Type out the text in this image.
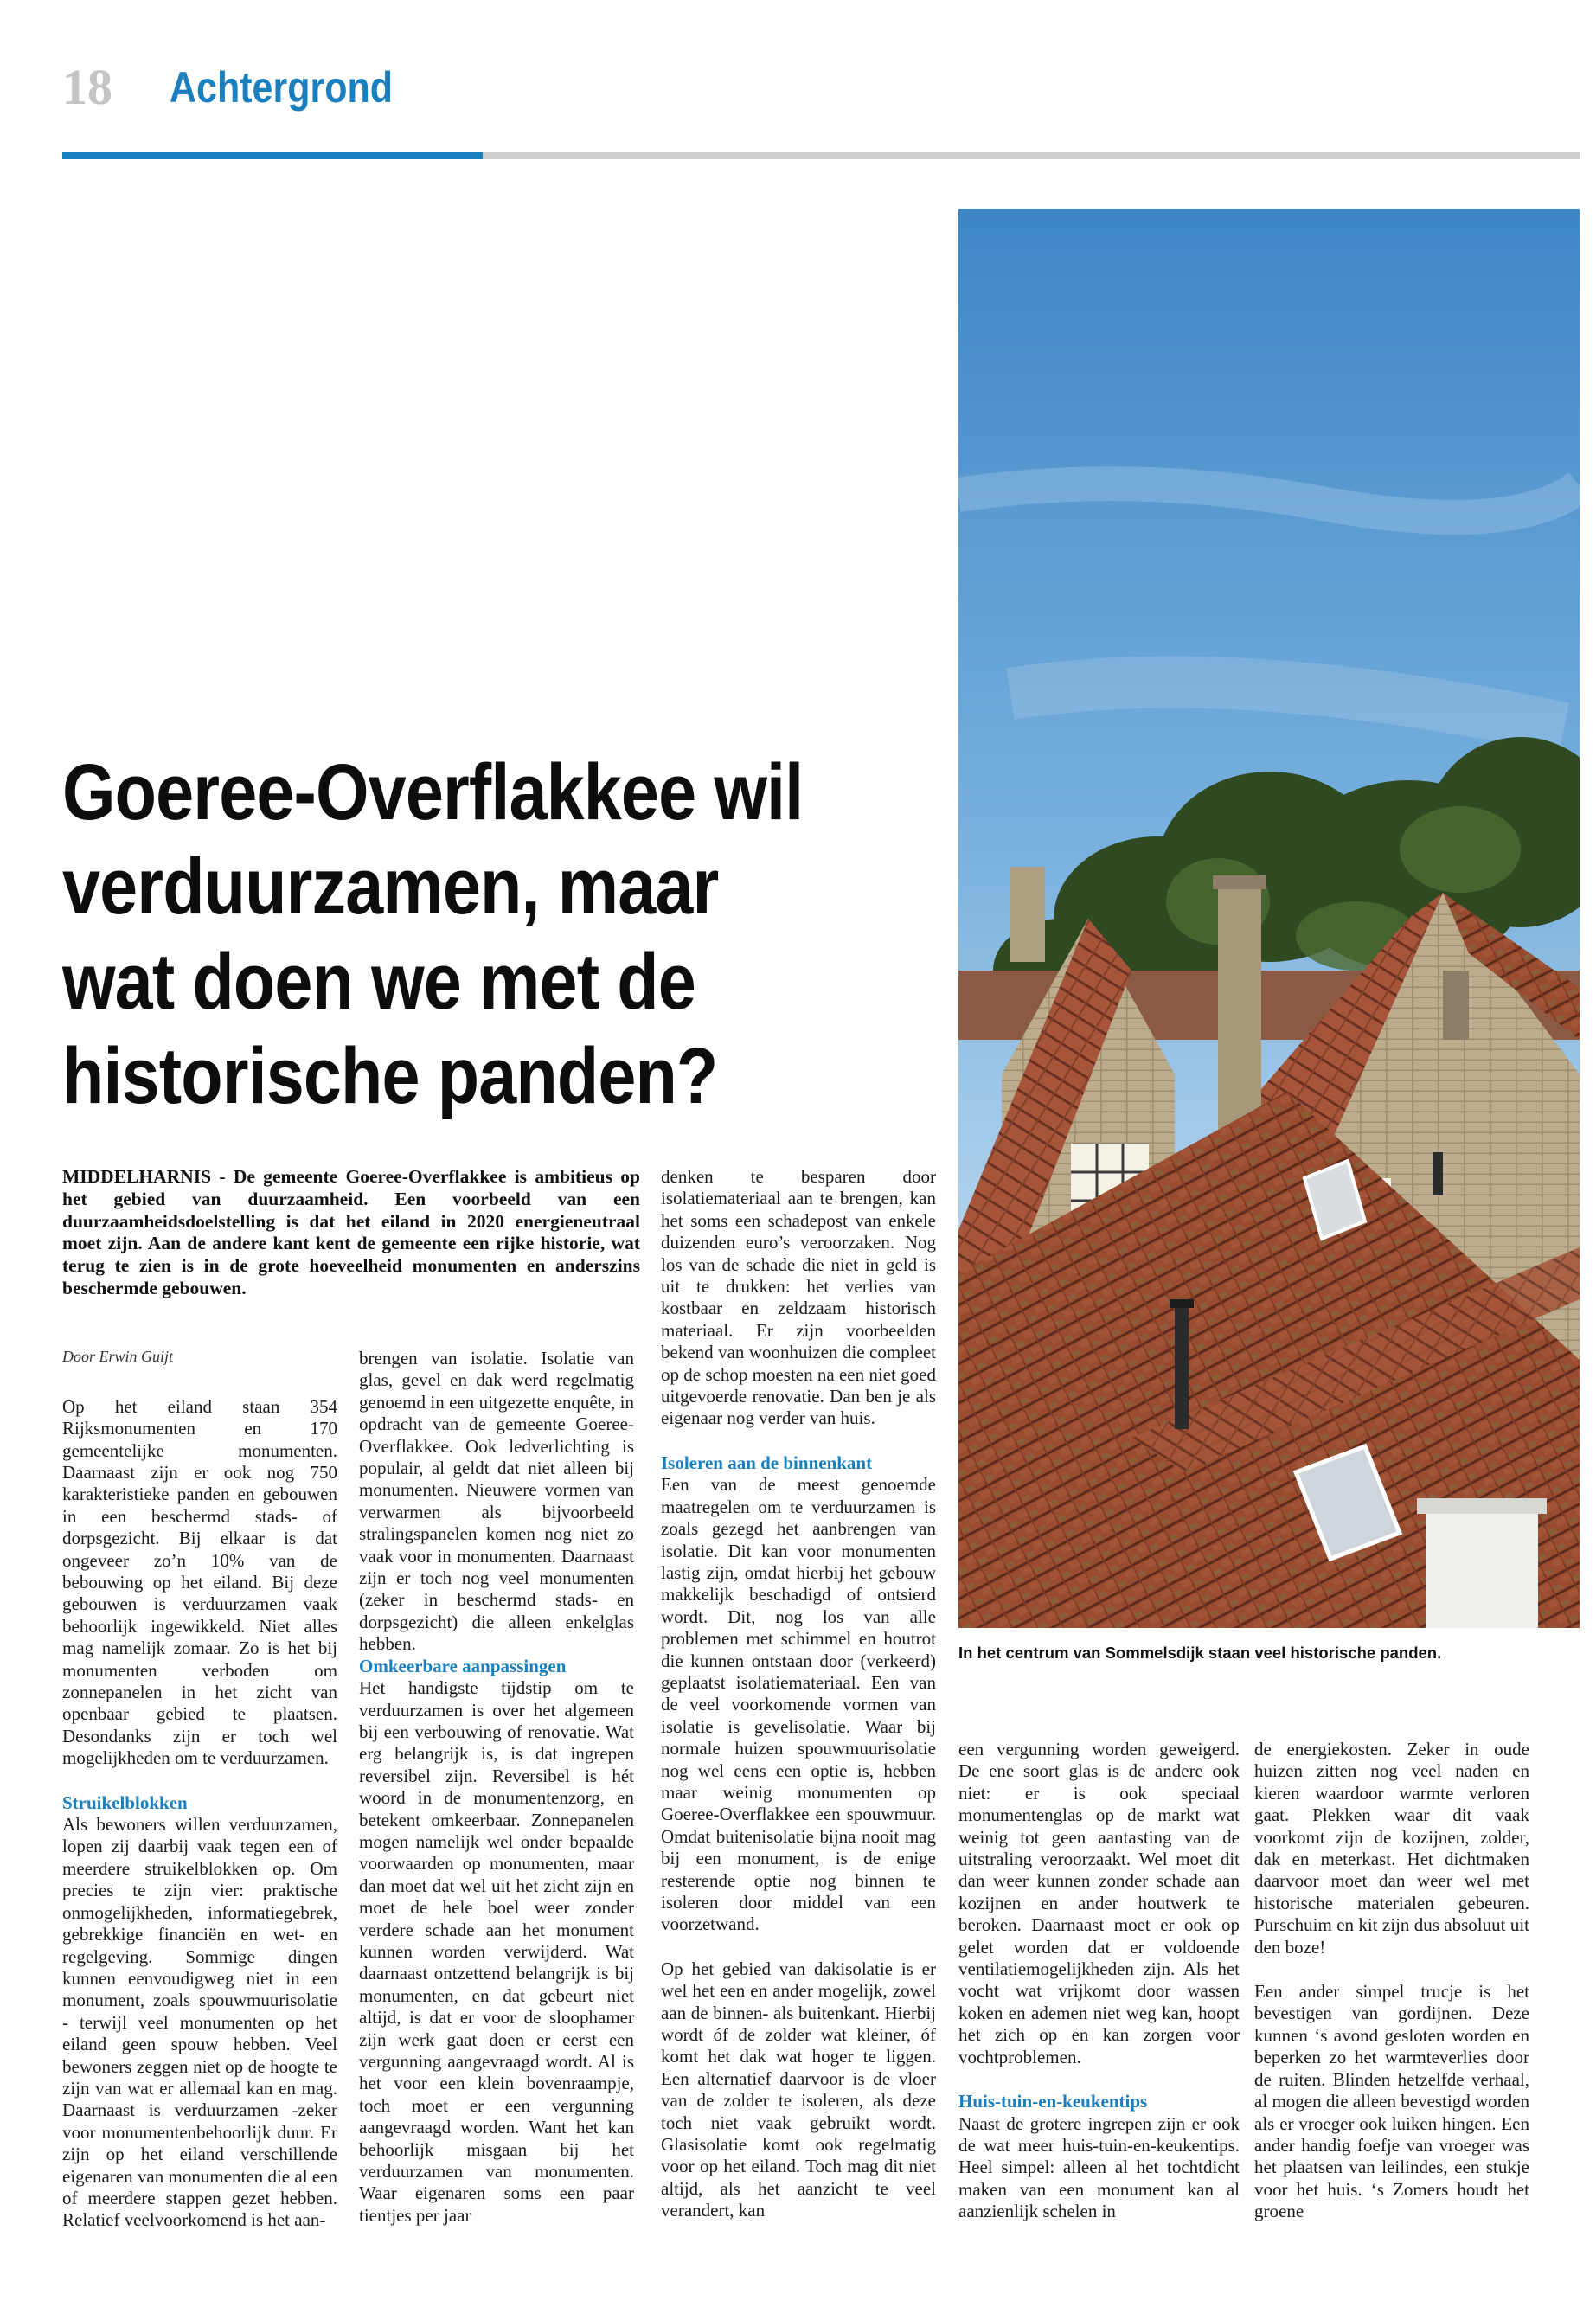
18 Achtergrond
Goeree-Overflakkee wil
verduurzamen, maar
wat doen we met de
historische panden?
In het centrum van Sommelsdijk staan veel historische panden.
MIDDELHARNIS - De gemeente Goeree-Overflakkee is ambitieus op het gebied van duurzaamheid. Een voorbeeld van een duurzaamheidsdoelstelling is dat het eiland in 2020 energieneutraal moet zijn. Aan de andere kant kent de gemeente een rijke historie, wat terug te zien is in de grote hoeveelheid monumenten en anderszins beschermde gebouwen.

Door Erwin Guijt

Op het eiland staan 354 Rijksmonumenten en 170 gemeentelijke monumenten. Daarnaast zijn er ook nog 750 karakteristieke panden en gebouwen in een beschermd stads- of dorpsgezicht. Bij elkaar is dat ongeveer zo’n 10% van de bebouwing op het eiland. Bij deze gebouwen is verduurzamen vaak behoorlijk ingewikkeld. Niet alles mag namelijk zomaar. Zo is het bij monumenten verboden om zonnepanelen in het zicht van openbaar gebied te plaatsen. Desondanks zijn er toch wel mogelijkheden om te verduurzamen.

Struikelblokken

Als bewoners willen verduurzamen, lopen zij daarbij vaak tegen een of meerdere struikelblokken op. Om precies te zijn vier: praktische onmogelijkheden, informatiegebrek, gebrekkige financiën en wet- en regelgeving. Sommige dingen kunnen eenvoudigweg niet in een monument, zoals spouwmuurisolatie - terwijl veel monumenten op het eiland geen spouw hebben. Veel bewoners zeggen niet op de hoogte te zijn van wat er allemaal kan en mag. Daarnaast is verduurzamen -zeker voor monumentenbehoorlijk duur. Er zijn op het eiland verschillende eigenaren van monumenten die al een of meerdere stappen gezet hebben. Relatief veelvoorkomend is het aan-

brengen van isolatie. Isolatie van glas, gevel en dak werd regelmatig genoemd in een uitgezette enquête, in opdracht van de gemeente Goeree-Overflakkee. Ook ledverlichting is populair, al geldt dat niet alleen bij monumenten. Nieuwere vormen van verwarmen als bijvoorbeeld stralingspanelen komen nog niet zo vaak voor in monumenten. Daarnaast zijn er toch nog veel monumenten (zeker in beschermd stads- en dorpsgezicht) die alleen enkelglas hebben.

Omkeerbare aanpassingen

Het handigste tijdstip om te verduurzamen is over het algemeen bij een verbouwing of renovatie. Wat erg belangrijk is, is dat ingrepen reversibel zijn. Reversibel is hét woord in de monumentenzorg, en betekent omkeerbaar. Zonnepanelen mogen namelijk wel onder bepaalde voorwaarden op monumenten, maar dan moet dat wel uit het zicht zijn en moet de hele boel weer zonder verdere schade aan het monument kunnen worden verwijderd. Wat daarnaast ontzettend belangrijk is bij monumenten, en dat gebeurt niet altijd, is dat er voor de sloophamer zijn werk gaat doen er eerst een vergunning aangevraagd wordt. Al is het voor een klein bovenraampje, toch moet er een vergunning aangevraagd worden. Want het kan behoorlijk misgaan bij het verduurzamen van monumenten. Waar eigenaren soms een paar tientjes per jaar

denken te besparen door isolatiemateriaal aan te brengen, kan het soms een schadepost van enkele duizenden euro’s veroorzaken. Nog los van de schade die niet in geld is uit te drukken: het verlies van kostbaar en zeldzaam historisch materiaal. Er zijn voorbeelden bekend van woonhuizen die compleet op de schop moesten na een niet goed uitgevoerde renovatie. Dan ben je als eigenaar nog verder van huis.

Isoleren aan de binnenkant

Een van de meest genoemde maatregelen om te verduurzamen is zoals gezegd het aanbrengen van isolatie. Dit kan voor monumenten lastig zijn, omdat hierbij het gebouw makkelijk beschadigd of ontsierd wordt. Dit, nog los van alle problemen met schimmel en houtrot die kunnen ontstaan door (verkeerd) geplaatst isolatiemateriaal. Een van de veel voorkomende vormen van isolatie is gevelisolatie. Waar bij normale huizen spouwmuurisolatie nog wel eens een optie is, hebben maar weinig monumenten op Goeree-Overflakkee een spouwmuur. Omdat buitenisolatie bijna nooit mag bij een monument, is de enige resterende optie nog binnen te isoleren door middel van een voorzetwand.

Op het gebied van dakisolatie is er wel het een en ander mogelijk, zowel aan de binnen- als buitenkant. Hierbij wordt óf de zolder wat kleiner, óf komt het dak wat hoger te liggen. Een alternatief daarvoor is de vloer van de zolder te isoleren, als deze toch niet vaak gebruikt wordt. Glasisolatie komt ook regelmatig voor op het eiland. Toch mag dit niet altijd, als het aanzicht te veel verandert, kan

een vergunning worden geweigerd. De ene soort glas is de andere ook niet: er is ook speciaal monumentenglas op de markt wat weinig tot geen aantasting van de uitstraling veroorzaakt. Wel moet dit dan weer kunnen zonder schade aan kozijnen en ander houtwerk te beroken. Daarnaast moet er ook op gelet worden dat er voldoende ventilatiemogelijkheden zijn. Als het vocht wat vrijkomt door wassen koken en ademen niet weg kan, hoopt het zich op en kan zorgen voor vochtproblemen.

Huis-tuin-en-keukentips

Naast de grotere ingrepen zijn er ook de wat meer huis-tuin-en-keukentips. Heel simpel: alleen al het tochtdicht maken van een monument kan al aanzienlijk schelen in

de energiekosten. Zeker in oude huizen zitten nog veel naden en kieren waardoor warmte verloren gaat. Plekken waar dit vaak voorkomt zijn de kozijnen, zolder, dak en meterkast. Het dichtmaken daarvoor moet dan weer wel met historische materialen gebeuren. Purschuim en kit zijn dus absoluut uit den boze!

Een ander simpel trucje is het bevestigen van gordijnen. Deze kunnen ‘s avond gesloten worden en beperken zo het warmteverlies door de ruiten. Blinden hetzelfde verhaal, al mogen die alleen bevestigd worden als er vroeger ook luiken hingen. Een ander handig foefje van vroeger was het plaatsen van leilindes, een stukje voor het huis. ‘s Zomers houdt het groene
